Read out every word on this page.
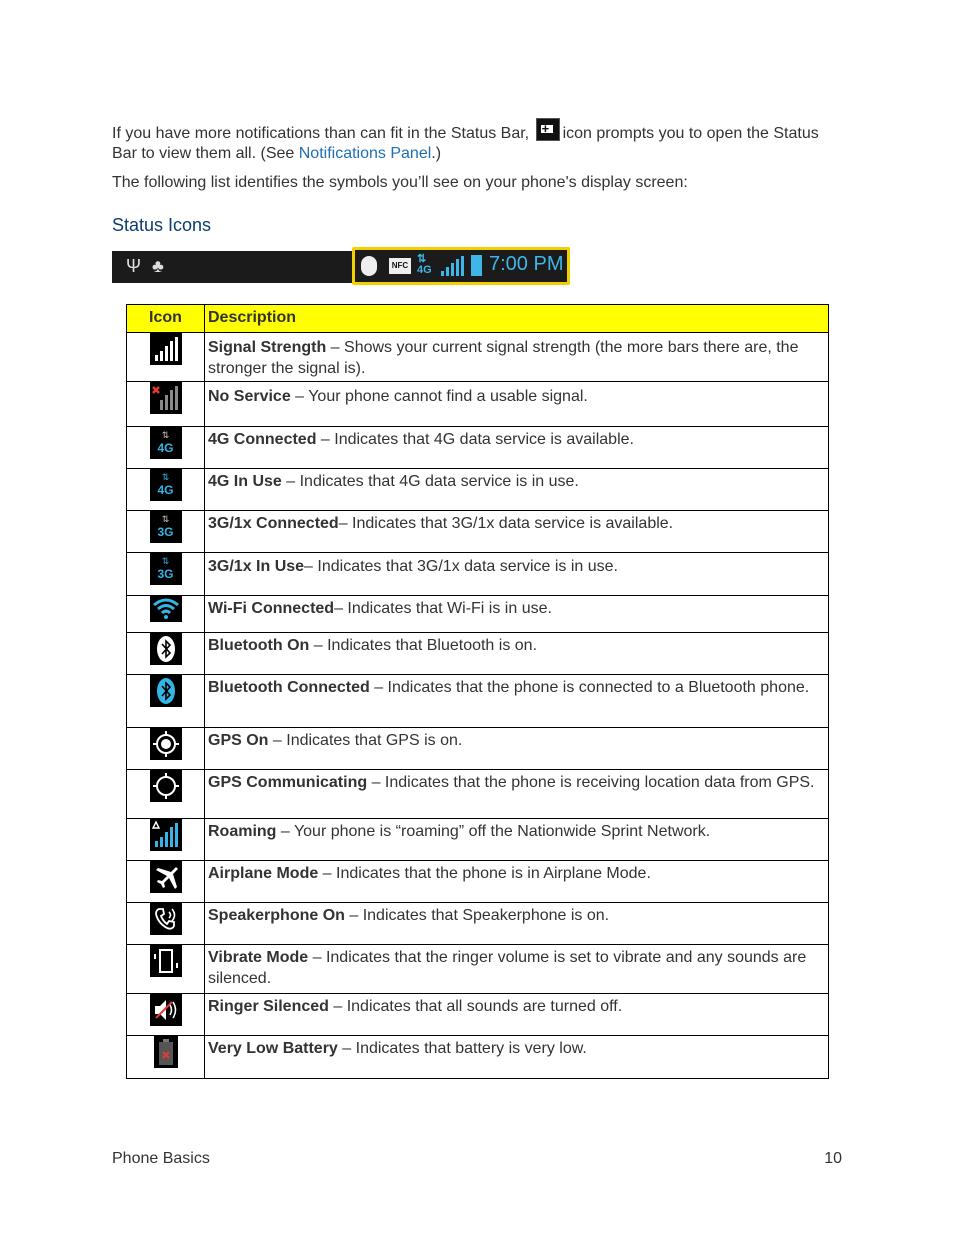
If you have more notifications than can fit in the Status Bar, + icon prompts you to open the Status Bar to view them all. (See Notifications Panel.)

The following list identifies the symbols you’ll see on your phone's display screen:

Status Icons
Ψ ♣	NFC
⇅
4G	7:00 PM
Icon	Description

Signal Strength – Shows your current signal strength (the more bars there are, the stronger the signal is).

No Service – Your phone cannot find a usable signal.

⇅
4G	4G Connected – Indicates that 4G data service is available.

⇅
4G	4G In Use – Indicates that 4G data service is in use.

⇅
3G	3G/1x Connected– Indicates that 3G/1x data service is available.

⇅
3G	3G/1x In Use– Indicates that 3G/1x data service is in use.

Wi-Fi Connected– Indicates that Wi-Fi is in use.

Bluetooth On – Indicates that Bluetooth is on.

Bluetooth Connected – Indicates that the phone is connected to a Bluetooth phone.

GPS On – Indicates that GPS is on.

GPS Communicating – Indicates that the phone is receiving location data from GPS.

Roaming – Your phone is “roaming” off the Nationwide Sprint Network.

Airplane Mode – Indicates that the phone is in Airplane Mode.

Speakerphone On – Indicates that Speakerphone is on.

Vibrate Mode – Indicates that the ringer volume is set to vibrate and any sounds are silenced.

Ringer Silenced – Indicates that all sounds are turned off.

Very Low Battery – Indicates that battery is very low.

Phone Basics	10
